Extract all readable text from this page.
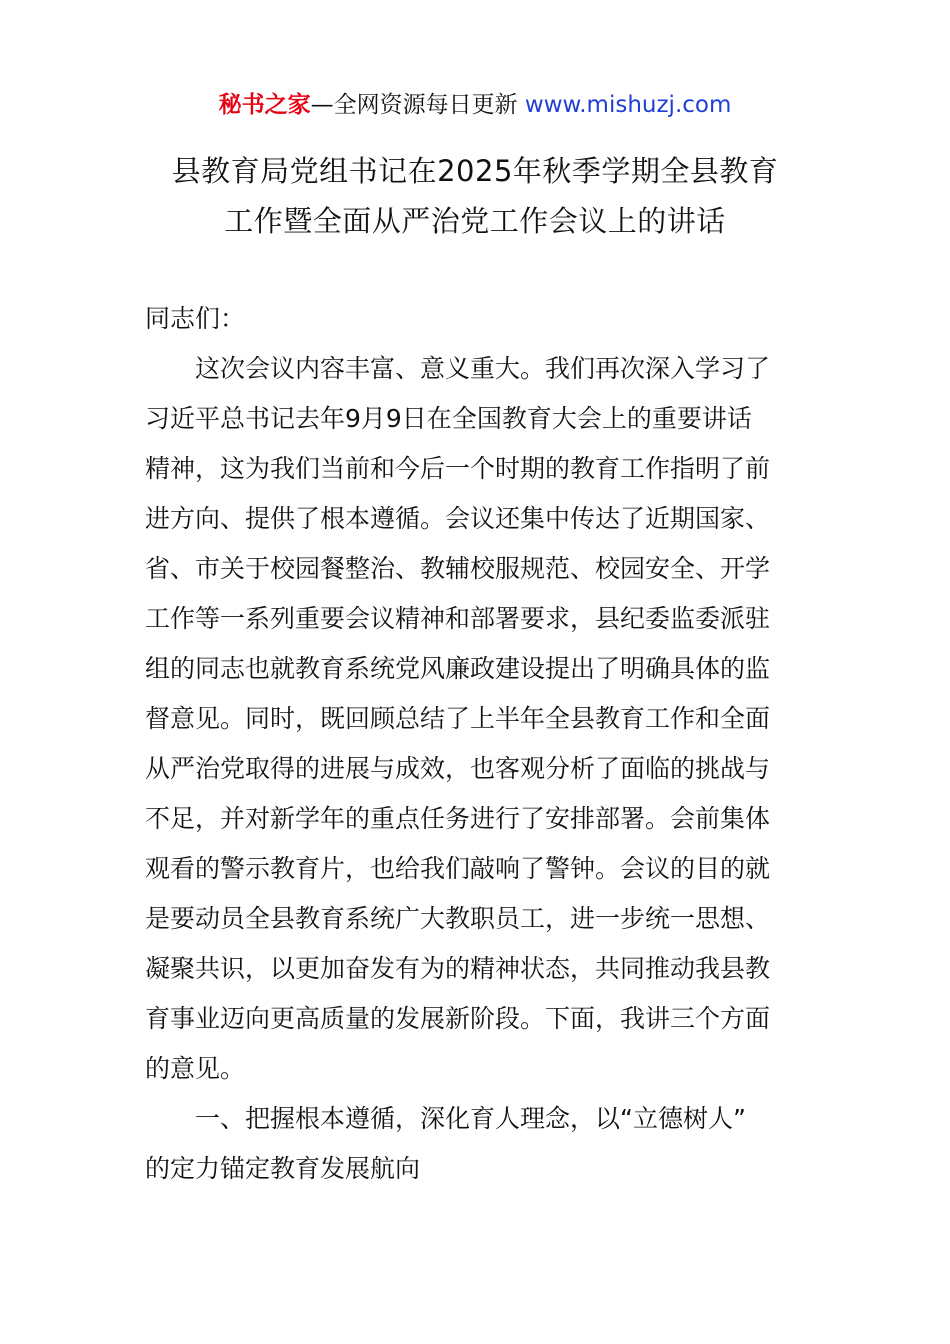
秘书之家—全网资源每日更新 www.mishuzj.com
县教育局党组书记在2025年秋季学期全县教育
工作暨全面从严治党工作会议上的讲话

同志们：

这次会议内容丰富、意义重大。我们再次深入学习了
习近平总书记去年9月9日在全国教育大会上的重要讲话
精神，这为我们当前和今后一个时期的教育工作指明了前
进方向、提供了根本遵循。会议还集中传达了近期国家、
省、市关于校园餐整治、教辅校服规范、校园安全、开学
工作等一系列重要会议精神和部署要求，县纪委监委派驻
组的同志也就教育系统党风廉政建设提出了明确具体的监
督意见。同时，既回顾总结了上半年全县教育工作和全面
从严治党取得的进展与成效，也客观分析了面临的挑战与
不足，并对新学年的重点任务进行了安排部署。会前集体
观看的警示教育片，也给我们敲响了警钟。会议的目的就
是要动员全县教育系统广大教职员工，进一步统一思想、
凝聚共识，以更加奋发有为的精神状态，共同推动我县教
育事业迈向更高质量的发展新阶段。下面，我讲三个方面
的意见。
一、把握根本遵循，深化育人理念，以“立德树人”
的定力锚定教育发展航向
